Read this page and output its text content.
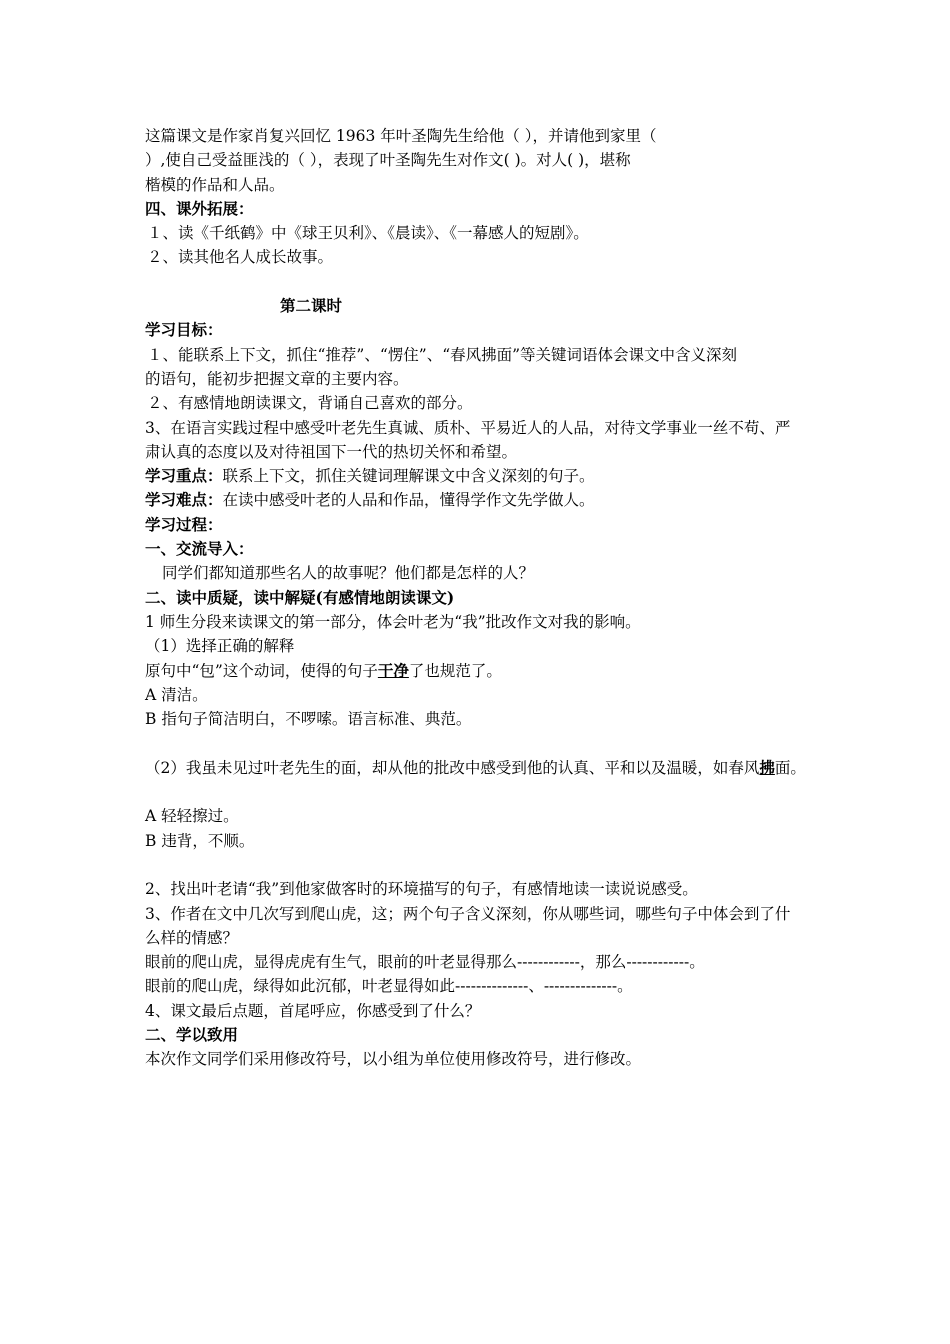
这篇课文是作家肖复兴回忆 1963 年叶圣陶先生给他（ ），并请他到家里（
）,使自己受益匪浅的（ ），表现了叶圣陶先生对作文( )。对人( )，堪称
楷模的作品和人品。
四、课外拓展：
１、读《千纸鹤》中《球王贝利》、《晨读》、《一幕感人的短剧》。
２、读其他名人成长故事。
第二课时
学习目标：
１、能联系上下文，抓住“推荐”、“愣住”、“春风拂面”等关键词语体会课文中含义深刻
的语句，能初步把握文章的主要内容。
２、有感情地朗读课文，背诵自己喜欢的部分。
3、在语言实践过程中感受叶老先生真诚、质朴、平易近人的人品，对待文学事业一丝不苟、严
肃认真的态度以及对待祖国下一代的热切关怀和希望。
学习重点：联系上下文，抓住关键词理解课文中含义深刻的句子。
学习难点：在读中感受叶老的人品和作品，懂得学作文先学做人。
学习过程：
一、交流导入：
同学们都知道那些名人的故事呢？他们都是怎样的人？
二、读中质疑，读中解疑(有感情地朗读课文)
1 师生分段来读课文的第一部分，体会叶老为“我”批改作文对我的影响。
（1）选择正确的解释
原句中“包”这个动词，使得的句子干净了也规范了。
A 清洁。
B 指句子简洁明白，不啰嗦。语言标准、典范。
（2）我虽未见过叶老先生的面，却从他的批改中感受到他的认真、平和以及温暖，如春风拂面。
A 轻轻擦过。
B 违背，不顺。
2、找出叶老请“我”到他家做客时的环境描写的句子，有感情地读一读说说感受。
3、作者在文中几次写到爬山虎，这；两个句子含义深刻，你从哪些词，哪些句子中体会到了什
么样的情感？
眼前的爬山虎，显得虎虎有生气，眼前的叶老显得那么------------，那么------------。
眼前的爬山虎，绿得如此沉郁，叶老显得如此--------------、--------------。
4、课文最后点题，首尾呼应，你感受到了什么？
二、学以致用
本次作文同学们采用修改符号，以小组为单位使用修改符号，进行修改。
